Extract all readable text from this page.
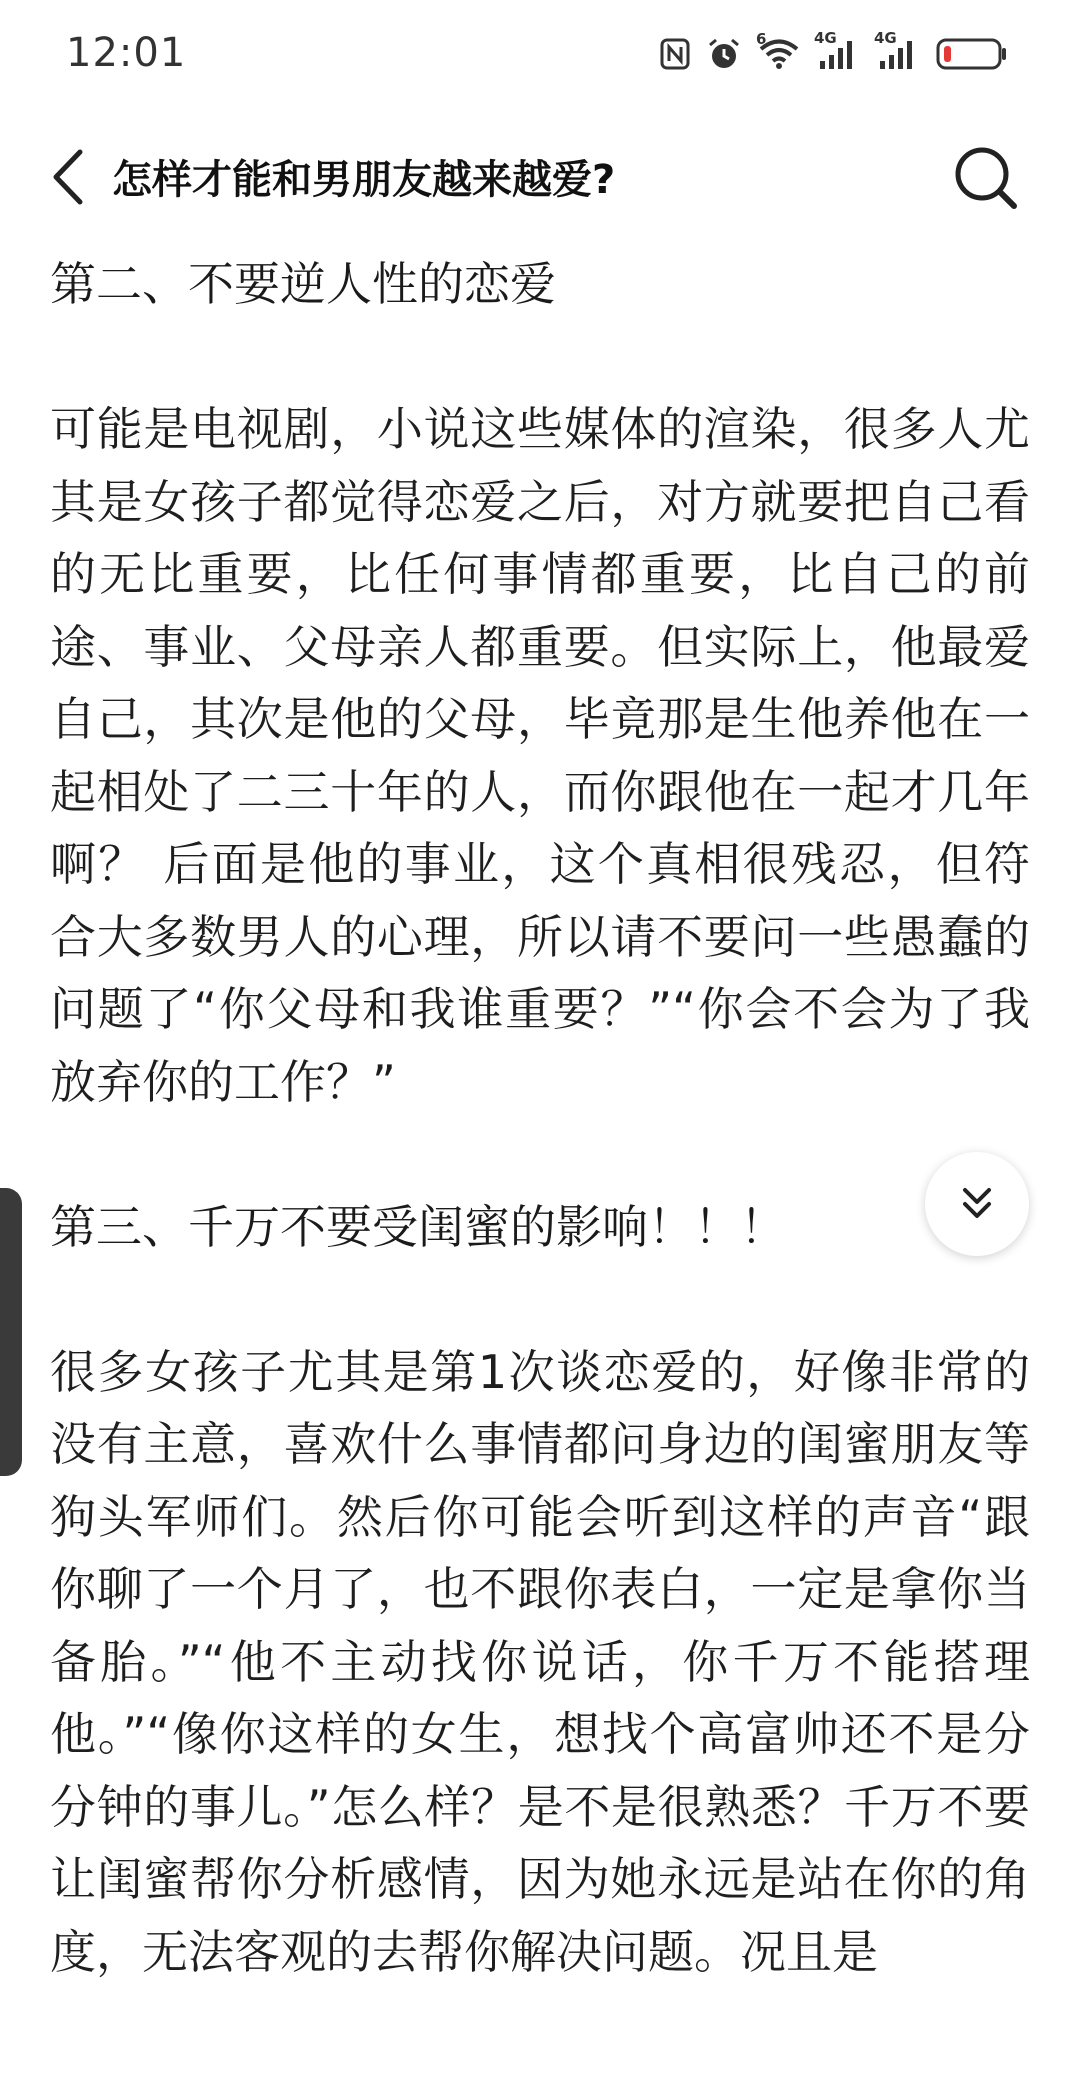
12:01	6	4G 4G
怎样才能和男朋友越来越爱?

第二、不要逆人性的恋爱

可能是电视剧，小说这些媒体的渲染，很多人尤其是女孩子都觉得恋爱之后，对方就要把自己看的无比重要，比任何事情都重要，比自己的前途、事业、父母亲人都重要。但实际上，他最爱自己，其次是他的父母，毕竟那是生他养他在一起相处了二三十年的人，而你跟他在一起才几年啊？ 后面是他的事业，这个真相很残忍，但符合大多数男人的心理，所以请不要问一些愚蠢的问题了“你父母和我谁重要？”“你会不会为了我放弃你的工作？”

第三、千万不要受闺蜜的影响！！！

很多女孩子尤其是第1次谈恋爱的，好像非常的没有主意，喜欢什么事情都问身边的闺蜜朋友等狗头军师们。然后你可能会听到这样的声音“跟你聊了一个月了，也不跟你表白，一定是拿你当备胎。”“他不主动找你说话，你千万不能搭理他。”“像你这样的女生，想找个高富帅还不是分分钟的事儿。”怎么样？是不是很熟悉？千万不要让闺蜜帮你分析感情，因为她永远是站在你的角度，无法客观的去帮你解决问题。况且是
